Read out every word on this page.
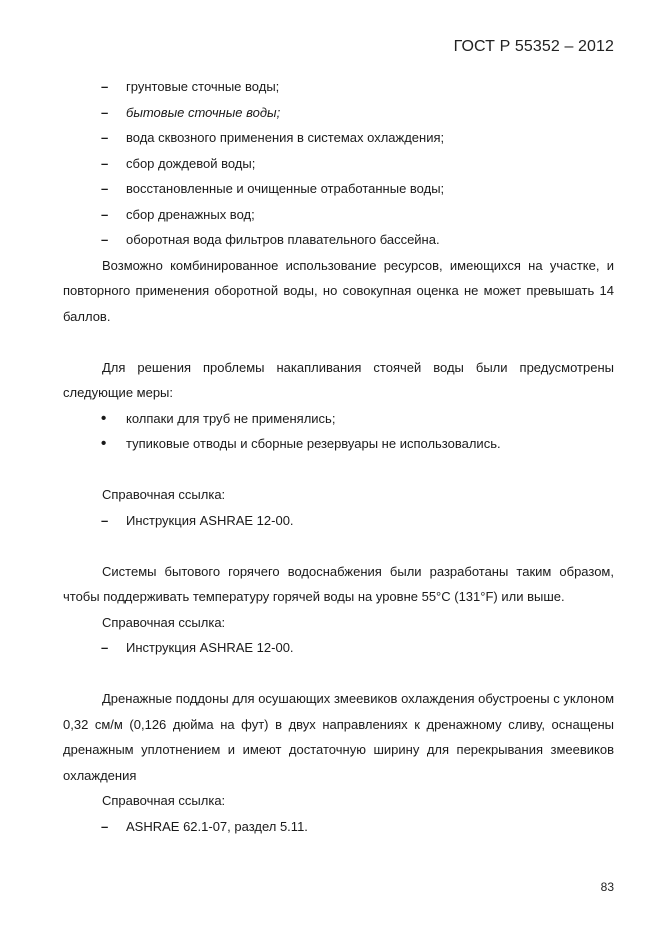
ГОСТ Р 55352 – 2012
–
грунтовые сточные воды;
–
бытовые сточные воды;
–
вода сквозного применения в системах охлаждения;
–
сбор дождевой воды;
–
восстановленные и очищенные отработанные воды;
–
сбор дренажных вод;
–
оборотная вода фильтров плавательного бассейна.
Возможно комбинированное использование ресурсов, имеющихся на участке, и повторного применения оборотной воды, но совокупная оценка не может превышать 14 баллов.
Для решения проблемы накапливания стоячей воды были предусмотрены следующие меры:
•
колпаки для труб не применялись;
•
тупиковые отводы и сборные резервуары не использовались.
Справочная ссылка:
–
Инструкция ASHRAE 12-00.
Системы бытового горячего водоснабжения были разработаны таким образом, чтобы поддерживать температуру горячей воды на уровне 55°С (131°F) или выше.
Справочная ссылка:
–
Инструкция ASHRAE 12-00.
Дренажные поддоны для осушающих змеевиков охлаждения обустроены с уклоном 0,32 см/м (0,126 дюйма на фут) в двух направлениях к дренажному сливу, оснащены дренажным уплотнением и имеют достаточную ширину для перекрывания змеевиков охлаждения
Справочная ссылка:
–
ASHRAE 62.1-07, раздел 5.11.
83
